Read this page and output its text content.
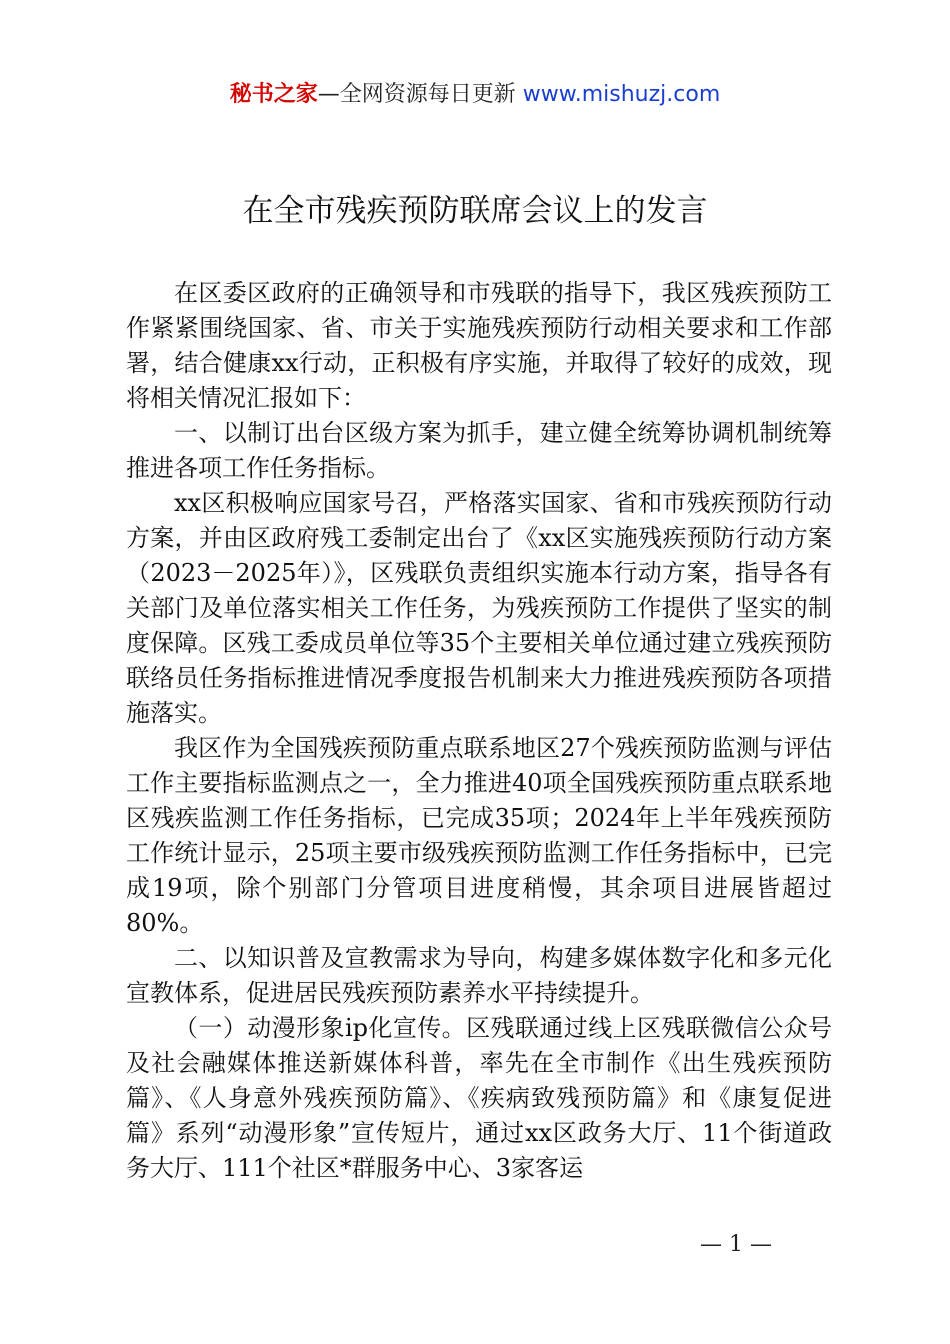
秘书之家—全网资源每日更新 www.mishuzj.com
在全市残疾预防联席会议上的发言

在区委区政府的正确领导和市残联的指导下，我区残疾预防工作紧紧围绕国家、省、市关于实施残疾预防行动相关要求和工作部署，结合健康xx行动，正积极有序实施，并取得了较好的成效，现将相关情况汇报如下：

一、以制订出台区级方案为抓手，建立健全统筹协调机制统筹推进各项工作任务指标。

xx区积极响应国家号召，严格落实国家、省和市残疾预防行动方案，并由区政府残工委制定出台了《xx区实施残疾预防行动方案（2023－2025年）》，区残联负责组织实施本行动方案，指导各有关部门及单位落实相关工作任务，为残疾预防工作提供了坚实的制度保障。区残工委成员单位等35个主要相关单位通过建立残疾预防联络员任务指标推进情况季度报告机制来大力推进残疾预防各项措施落实。

我区作为全国残疾预防重点联系地区27个残疾预防监测与评估工作主要指标监测点之一，全力推进40项全国残疾预防重点联系地区残疾监测工作任务指标，已完成35项；2024年上半年残疾预防工作统计显示，25项主要市级残疾预防监测工作任务指标中，已完成19项，除个别部门分管项目进度稍慢，其余项目进展皆超过80%。

二、以知识普及宣教需求为导向，构建多媒体数字化和多元化宣教体系，促进居民残疾预防素养水平持续提升。

（一）动漫形象ip化宣传。区残联通过线上区残联微信公众号及社会融媒体推送新媒体科普，率先在全市制作《出生残疾预防篇》、《人身意外残疾预防篇》、《疾病致残预防篇》和《康复促进篇》系列“动漫形象”宣传短片，通过xx区政务大厅、11个街道政务大厅、111个社区*群服务中心、3家客运

— 1 —
